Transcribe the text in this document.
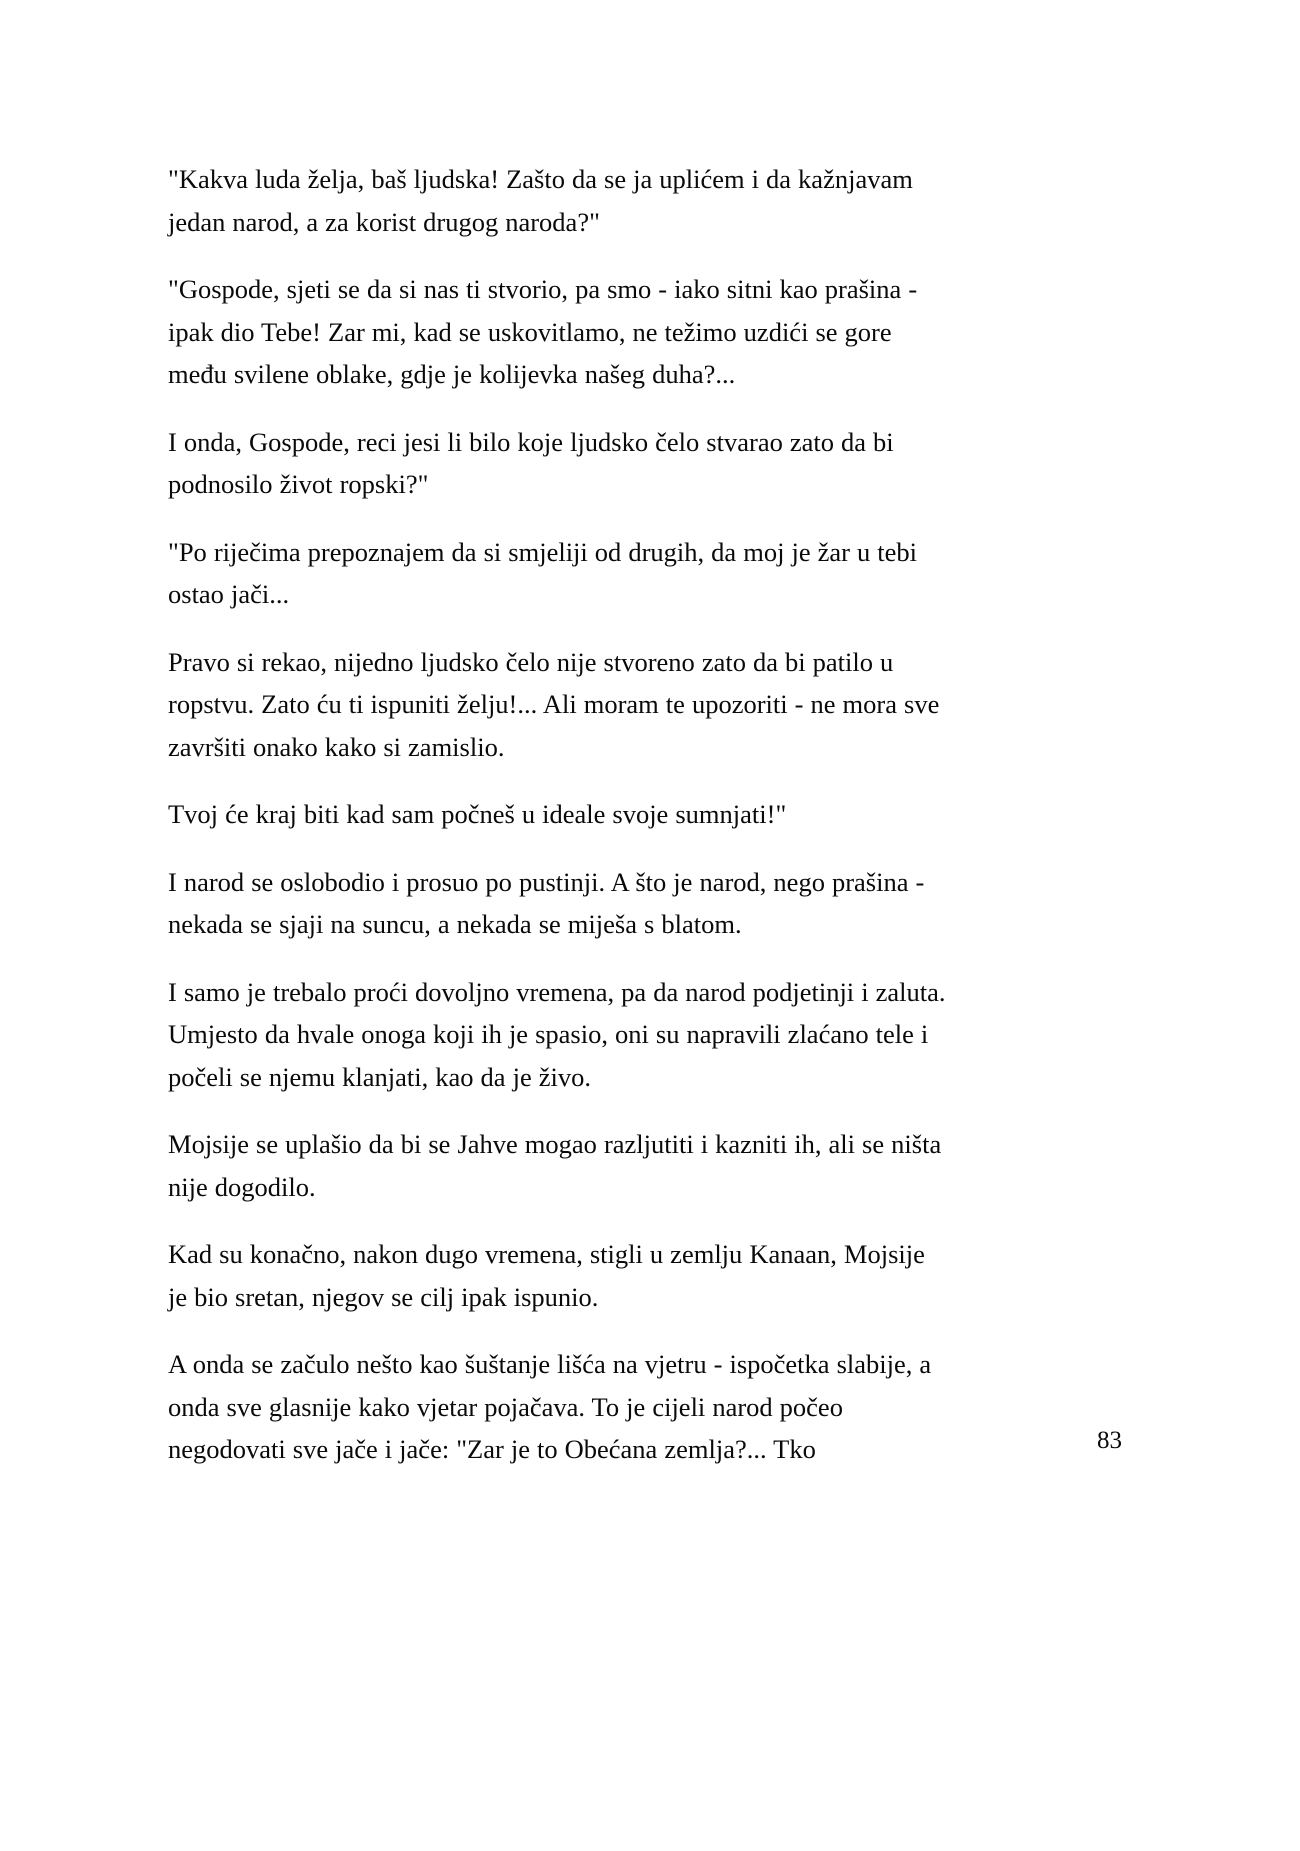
"Kakva luda želja, baš ljudska! Zašto da se ja uplićem i da kažnjavam jedan narod, a za korist drugog naroda?"

"Gospode, sjeti se da si nas ti stvorio, pa smo - iako sitni kao prašina - ipak dio Tebe! Zar mi, kad se uskovitlamo, ne težimo uzdići se gore među svilene oblake, gdje je kolijevka našeg duha?...

I onda, Gospode, reci jesi li bilo koje ljudsko čelo stvarao zato da bi podnosilo život ropski?"

"Po riječima prepoznajem da si smjeliji od drugih, da moj je žar u tebi ostao jači...

Pravo si rekao, nijedno ljudsko čelo nije stvoreno zato da bi patilo u ropstvu. Zato ću ti ispuniti želju!... Ali moram te upozoriti - ne mora sve završiti onako kako si zamislio.

Tvoj će kraj biti kad sam počneš u ideale svoje sumnjati!"

I narod se oslobodio i prosuo po pustinji. A što je narod, nego prašina - nekada se sjaji na suncu, a nekada se miješa s blatom.

I samo je trebalo proći dovoljno vremena, pa da narod podjetinji i zaluta. Umjesto da hvale onoga koji ih je spasio, oni su napravili zlaćano tele i počeli se njemu klanjati, kao da je živo.

Mojsije se uplašio da bi se Jahve mogao razljutiti i kazniti ih, ali se ništa nije dogodilo.

Kad su konačno, nakon dugo vremena, stigli u zemlju Kanaan, Mojsije je bio sretan, njegov se cilj ipak ispunio.

A onda se začulo nešto kao šuštanje lišća na vjetru - ispočetka slabije, a onda sve glasnije kako vjetar pojačava. To je cijeli narod počeo negodovati sve jače i jače: "Zar je to Obećana zemlja?... Tko	83
